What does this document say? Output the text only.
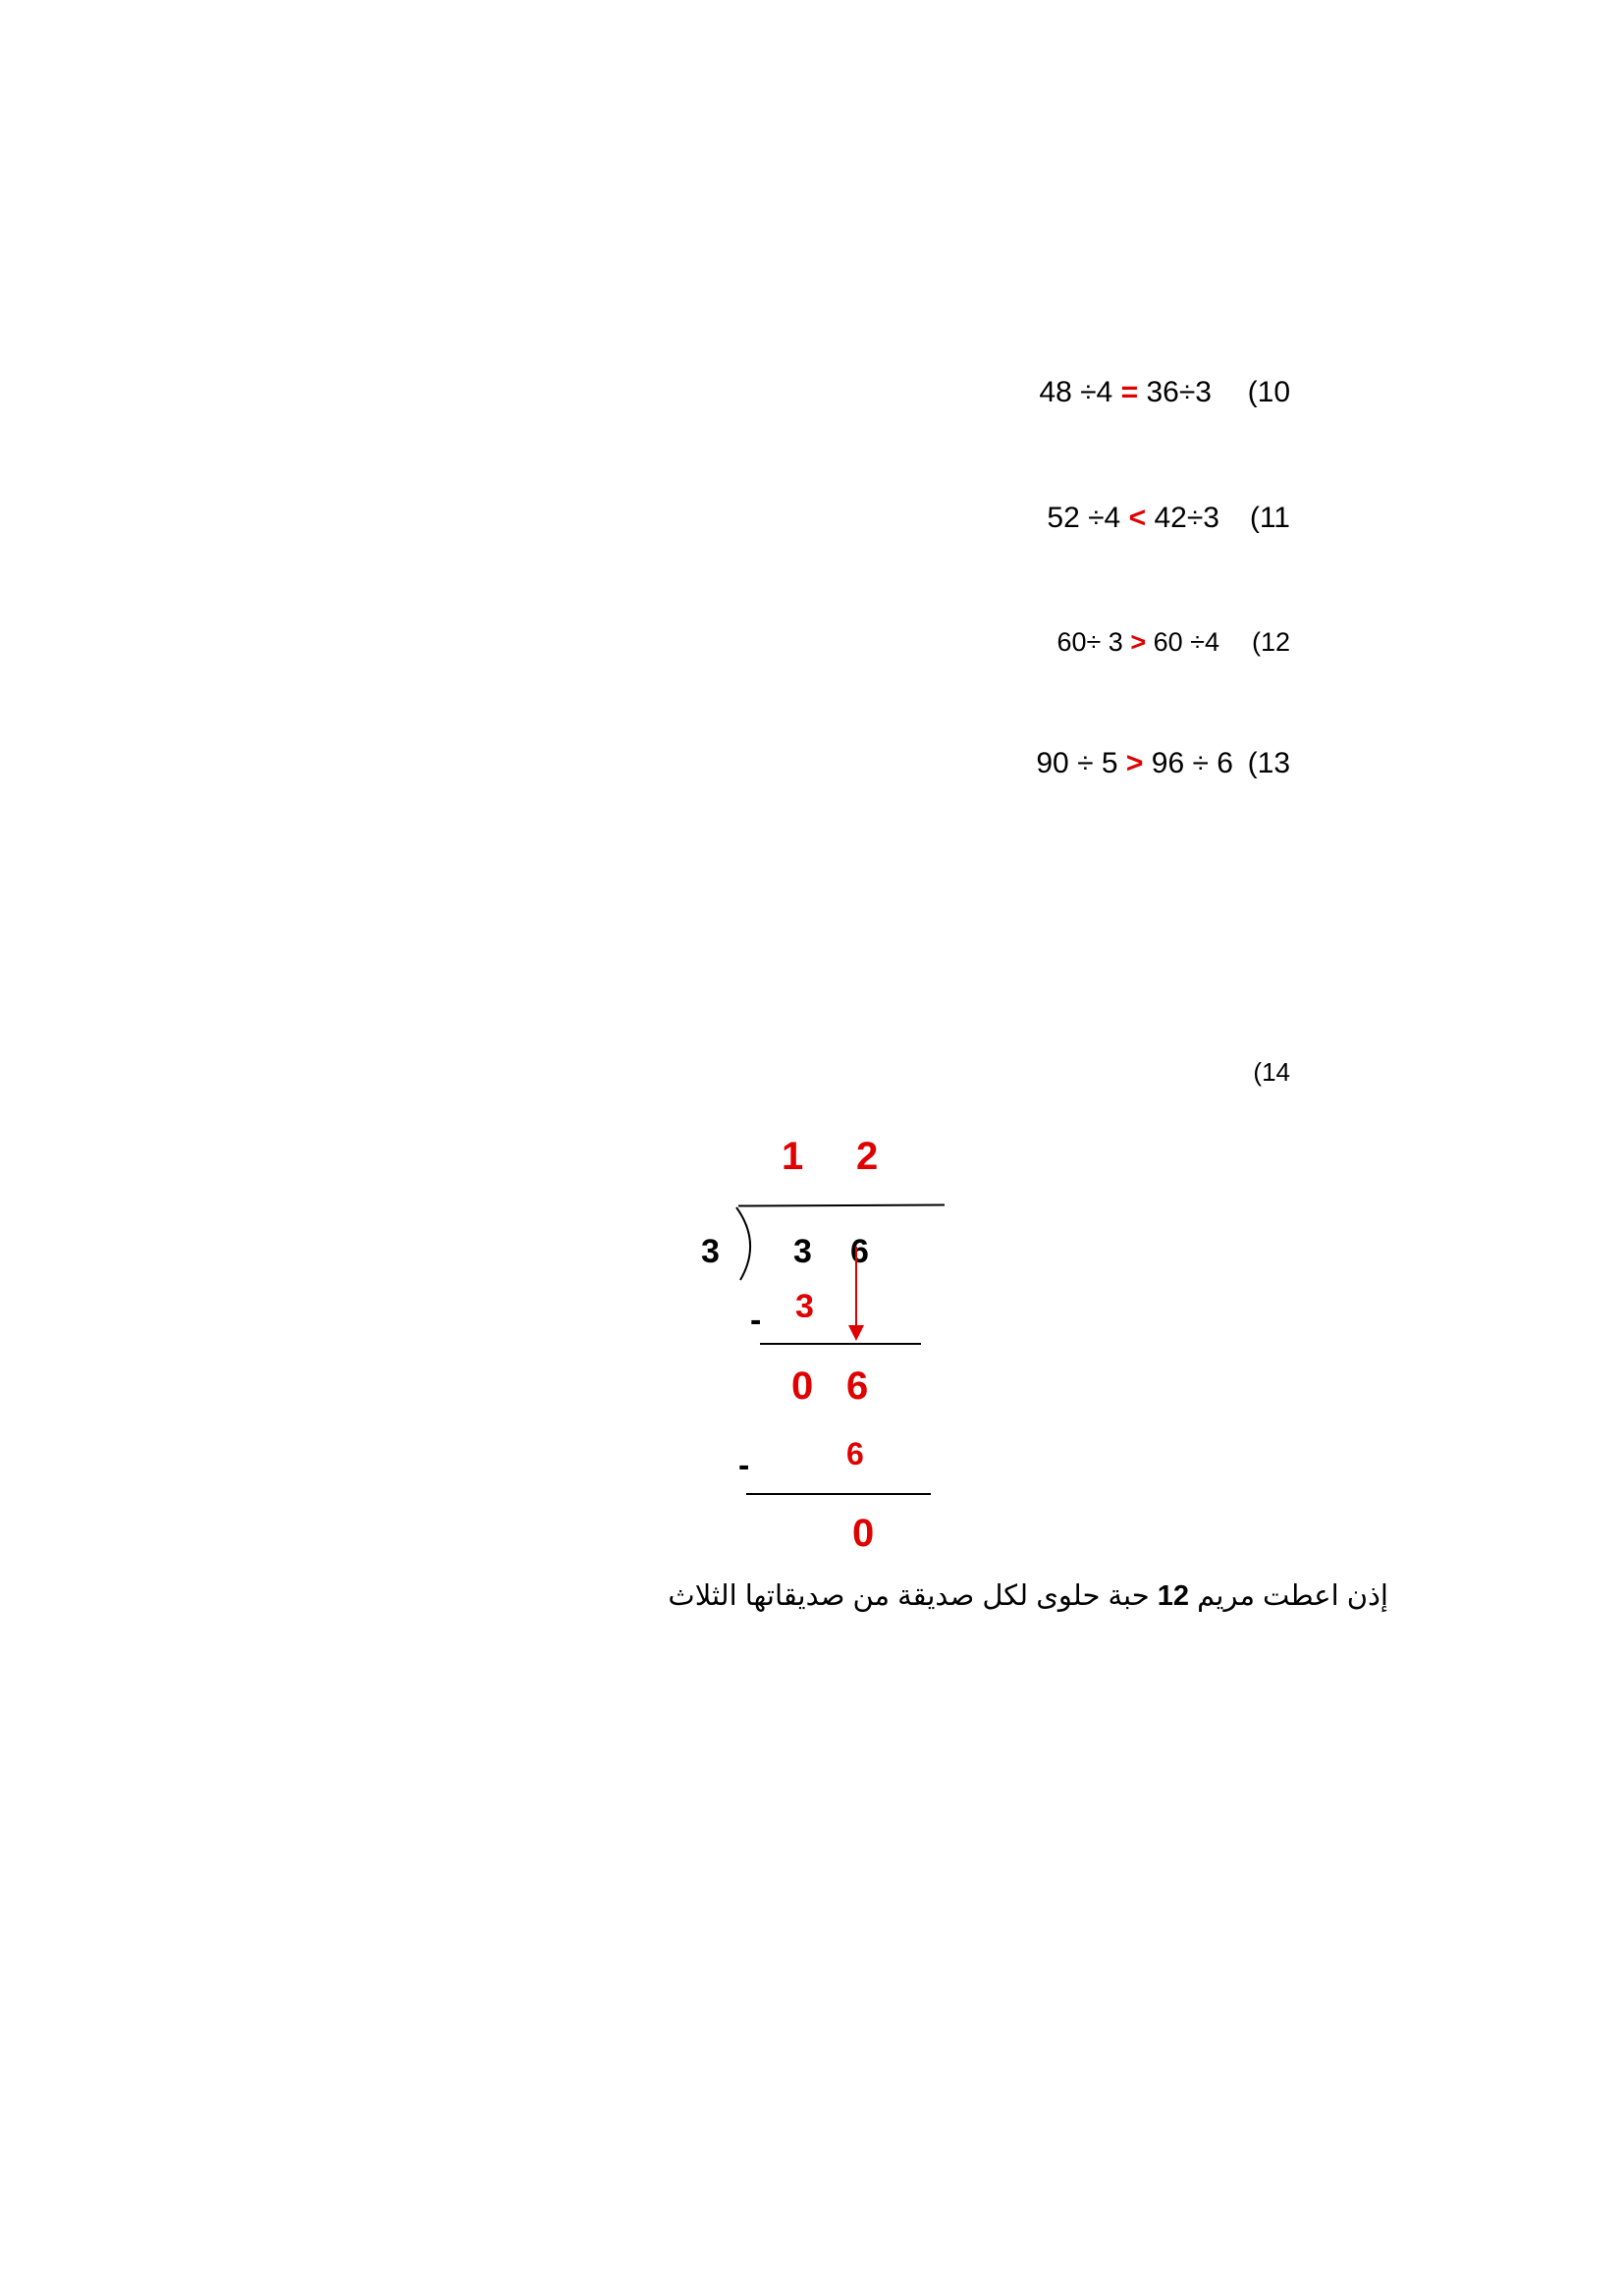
(10
48 ÷4 = 36÷3
(11
52 ÷4 < 42÷3
(12
60÷ 3 > 60 ÷4
(13
90 ÷ 5 > 96 ÷ 6
(14
1 2
3 3 6
3
-
0 6
6
-
0
إذن اعطت مريم 12 حبة حلوى لكل صديقة من صديقاتها الثلاث
